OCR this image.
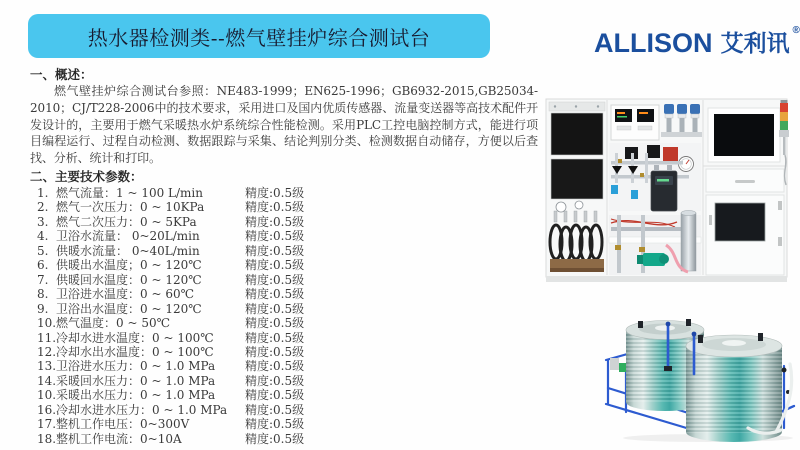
热水器检测类--燃气壁挂炉综合测试台	ALLISON 艾利讯 ®
一、概述：

燃气壁挂炉综合测试台参照：NE483-1999；EN625-1996；GB6932-2015,GB25034-2010；CJ/T228-2006中的技术要求，采用进口及国内优质传感器、流量变送器等高技术配件开发设计的，主要用于燃气采暖热水炉系统综合性能检测。采用PLC工控电脑控制方式，能进行项目编程运行、过程自动检测、数据跟踪与采集、结论判别分类、检测数据自动储存，方便以后查找、分析、统计和打印。

二、主要技术参数：
1. 燃气流量：1 ~ 100 L/min	精度:0.5级
2. 燃气一次压力：0 ~ 10KPa	精度:0.5级
3. 燃气二次压力：0 ~ 5KPa	精度:0.5级
4. 卫浴水流量： 0~20L/min	精度:0.5级
5. 供暖水流量： 0~40L/min	精度:0.5级
6. 供暖出水温度；0 ~ 120℃	精度:0.5级
7. 供暖回水温度：0 ~ 120℃	精度:0.5级
8. 卫浴进水温度：0 ~ 60℃	精度:0.5级
9. 卫浴出水温度：0 ~ 120℃	精度:0.5级
10. 燃气温度：0 ~ 50℃	精度:0.5级
11. 冷却水进水温度：0 ~ 100℃	精度:0.5级
12. 冷却水出水温度：0 ~ 100℃	精度:0.5级
13. 卫浴进水压力：0 ~ 1.0 MPa	精度:0.5级
14. 采暖回水压力：0 ~ 1.0 MPa	精度:0.5级
10. 采暖出水压力：0 ~ 1.0 MPa	精度:0.5级
16. 冷却水进水压力：0 ~ 1.0 MPa	精度:0.5级
17. 整机工作电压：0~300V	精度:0.5级
18. 整机工作电流：0~10A	精度:0.5级
